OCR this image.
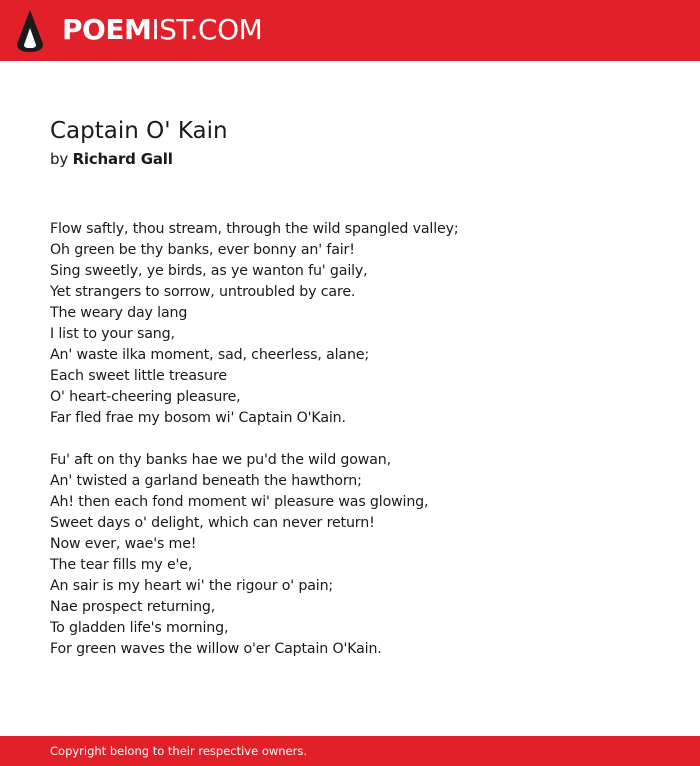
POEMIST.COM
Captain O' Kain
by Richard Gall
Flow saftly, thou stream, through the wild spangled valley;
Oh green be thy banks, ever bonny an' fair!
Sing sweetly, ye birds, as ye wanton fu' gaily,
Yet strangers to sorrow, untroubled by care.
The weary day lang
I list to your sang,
An' waste ilka moment, sad, cheerless, alane;
Each sweet little treasure
O' heart-cheering pleasure,
Far fled frae my bosom wi' Captain O'Kain.
Fu' aft on thy banks hae we pu'd the wild gowan,
An' twisted a garland beneath the hawthorn;
Ah! then each fond moment wi' pleasure was glowing,
Sweet days o' delight, which can never return!
Now ever, wae's me!
The tear fills my e'e,
An sair is my heart wi' the rigour o' pain;
Nae prospect returning,
To gladden life's morning,
For green waves the willow o'er Captain O'Kain.
Copyright belong to their respective owners.
